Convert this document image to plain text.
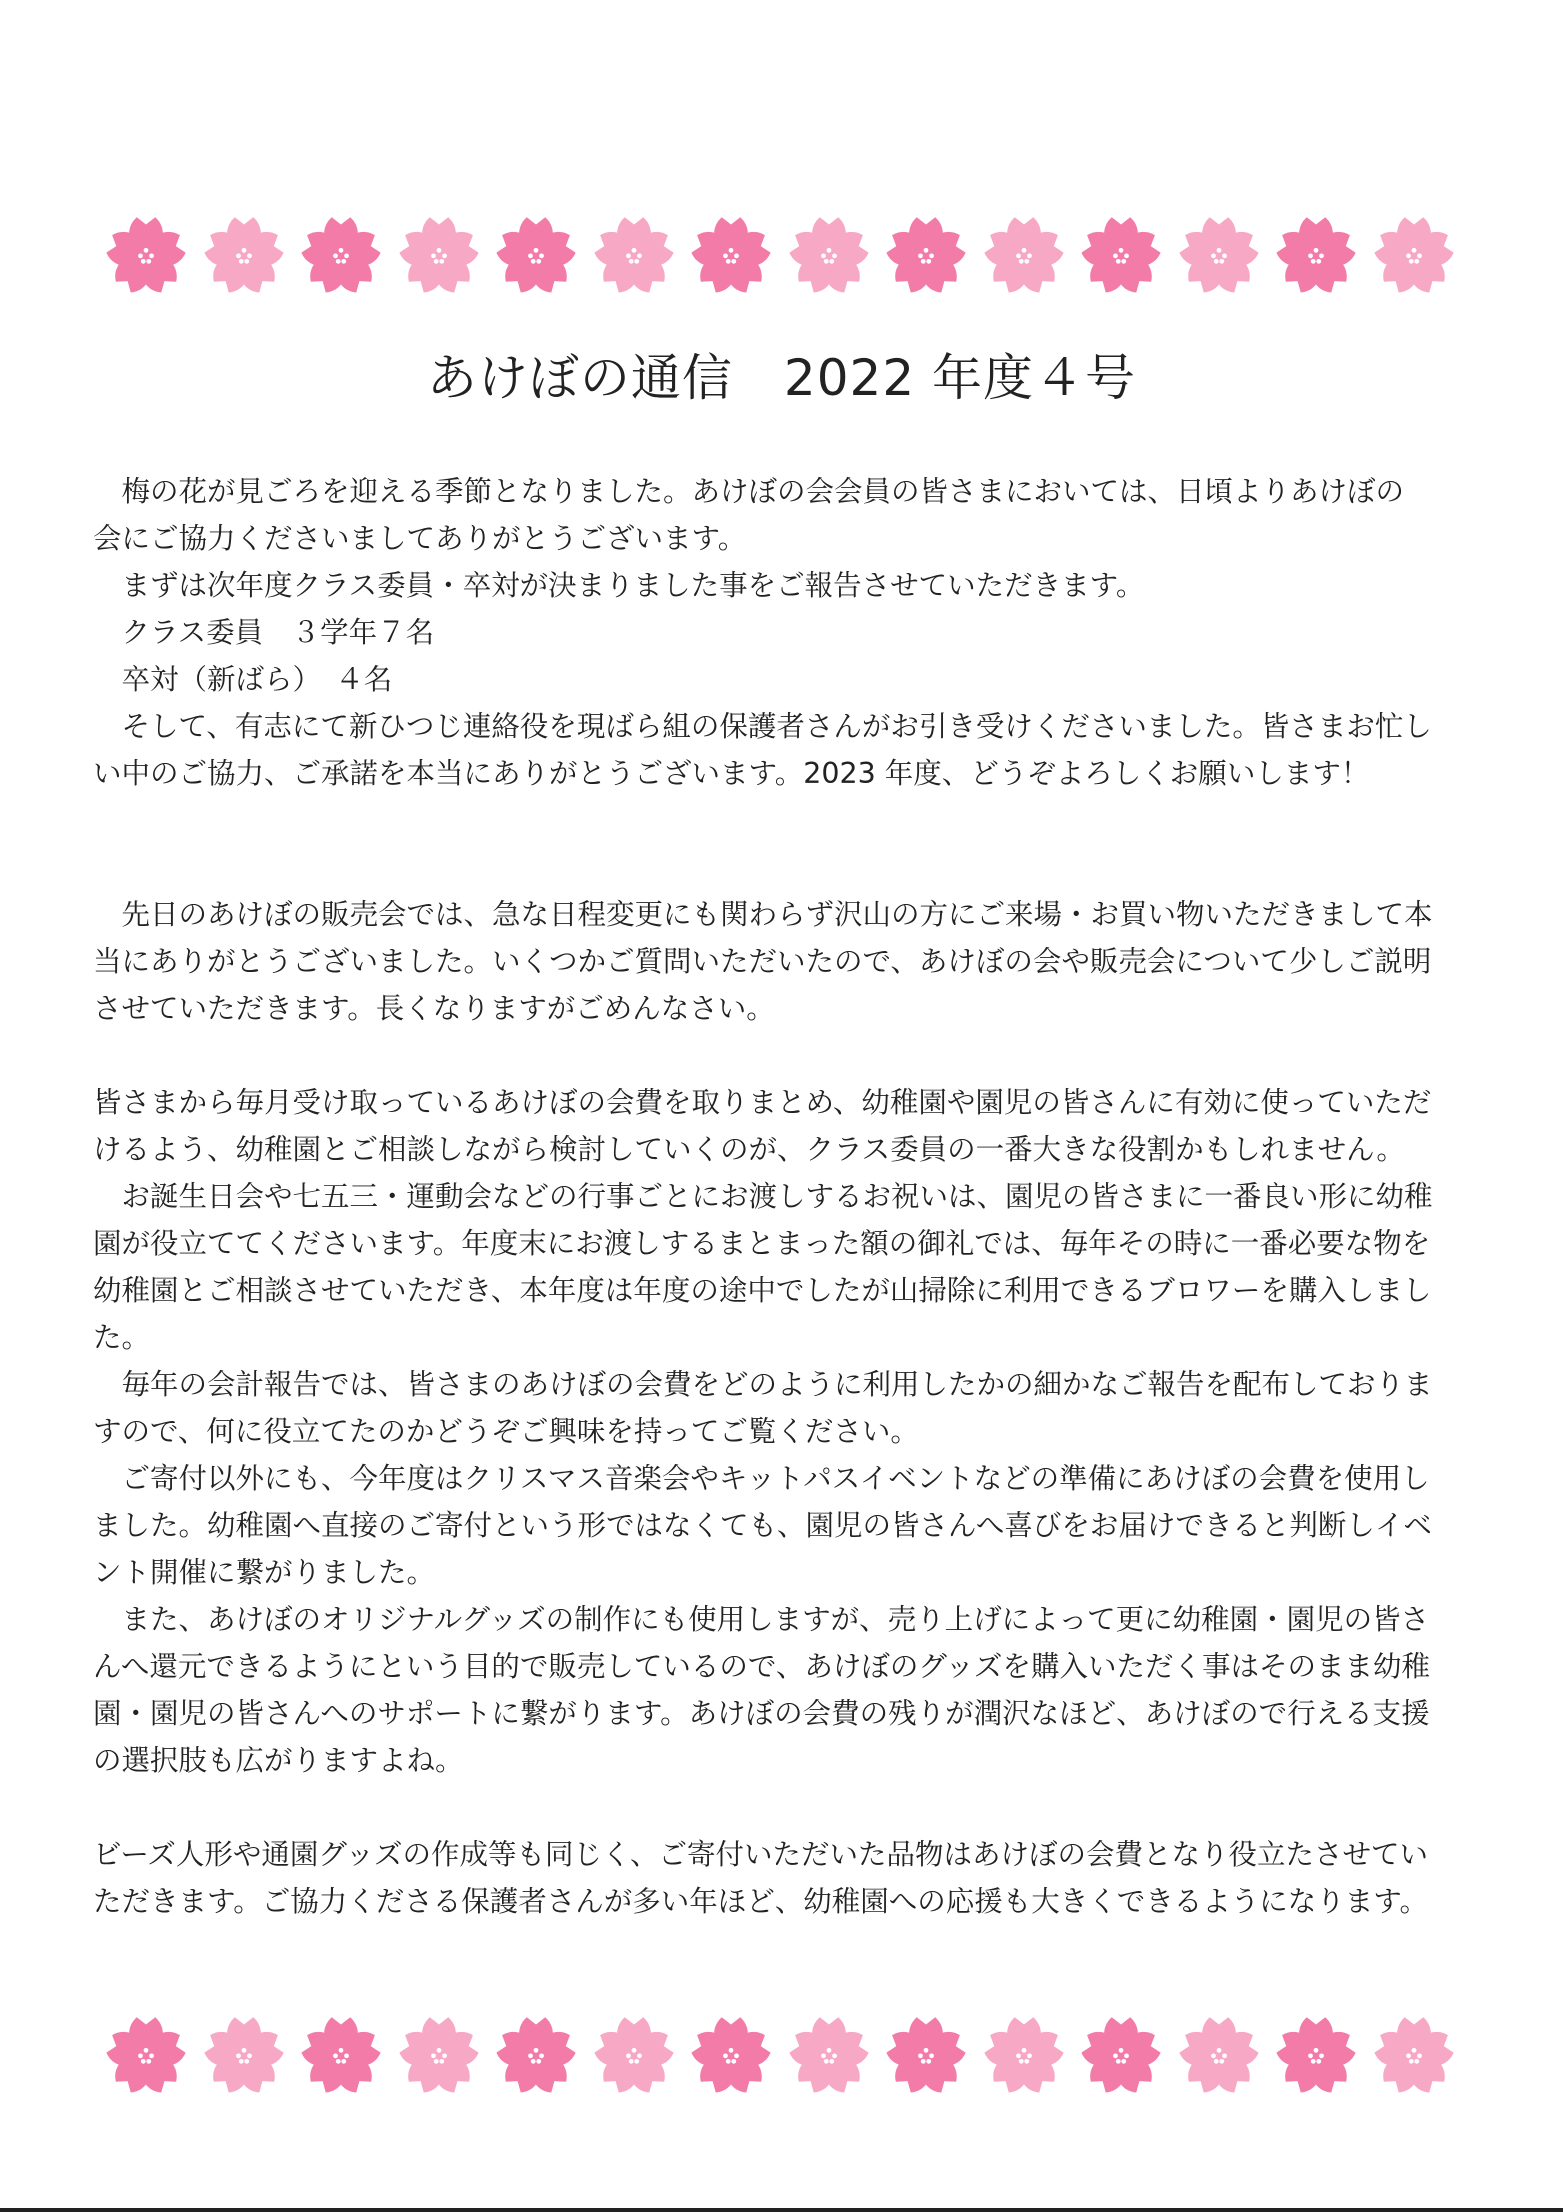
あけぼの通信　2022 年度４号

　梅の花が見ごろを迎える季節となりました。あけぼの会会員の皆さまにおいては、日頃よりあけぼの

会にご協力くださいましてありがとうございます。

　まずは次年度クラス委員・卒対が決まりました事をご報告させていただきます。

　クラス委員　３学年７名

　卒対（新ばら）　４名

　そして、有志にて新ひつじ連絡役を現ばら組の保護者さんがお引き受けくださいました。皆さまお忙し

い中のご協力、ご承諾を本当にありがとうございます。2023 年度、どうぞよろしくお願いします！

　先日のあけぼの販売会では、急な日程変更にも関わらず沢山の方にご来場・お買い物いただきまして本

当にありがとうございました。いくつかご質問いただいたので、あけぼの会や販売会について少しご説明

させていただきます。長くなりますがごめんなさい。

皆さまから毎月受け取っているあけぼの会費を取りまとめ、幼稚園や園児の皆さんに有効に使っていただ

けるよう、幼稚園とご相談しながら検討していくのが、クラス委員の一番大きな役割かもしれません。

　お誕生日会や七五三・運動会などの行事ごとにお渡しするお祝いは、園児の皆さまに一番良い形に幼稚

園が役立ててくださいます。年度末にお渡しするまとまった額の御礼では、毎年その時に一番必要な物を

幼稚園とご相談させていただき、本年度は年度の途中でしたが山掃除に利用できるブロワーを購入しまし

た。

　毎年の会計報告では、皆さまのあけぼの会費をどのように利用したかの細かなご報告を配布しておりま

すので、何に役立てたのかどうぞご興味を持ってご覧ください。

　ご寄付以外にも、今年度はクリスマス音楽会やキットパスイベントなどの準備にあけぼの会費を使用し

ました。幼稚園へ直接のご寄付という形ではなくても、園児の皆さんへ喜びをお届けできると判断しイベ

ント開催に繋がりました。

　また、あけぼのオリジナルグッズの制作にも使用しますが、売り上げによって更に幼稚園・園児の皆さ

んへ還元できるようにという目的で販売しているので、あけぼのグッズを購入いただく事はそのまま幼稚

園・園児の皆さんへのサポートに繋がります。あけぼの会費の残りが潤沢なほど、あけぼので行える支援

の選択肢も広がりますよね。

ビーズ人形や通園グッズの作成等も同じく、ご寄付いただいた品物はあけぼの会費となり役立たさせてい

ただきます。ご協力くださる保護者さんが多い年ほど、幼稚園への応援も大きくできるようになります。
